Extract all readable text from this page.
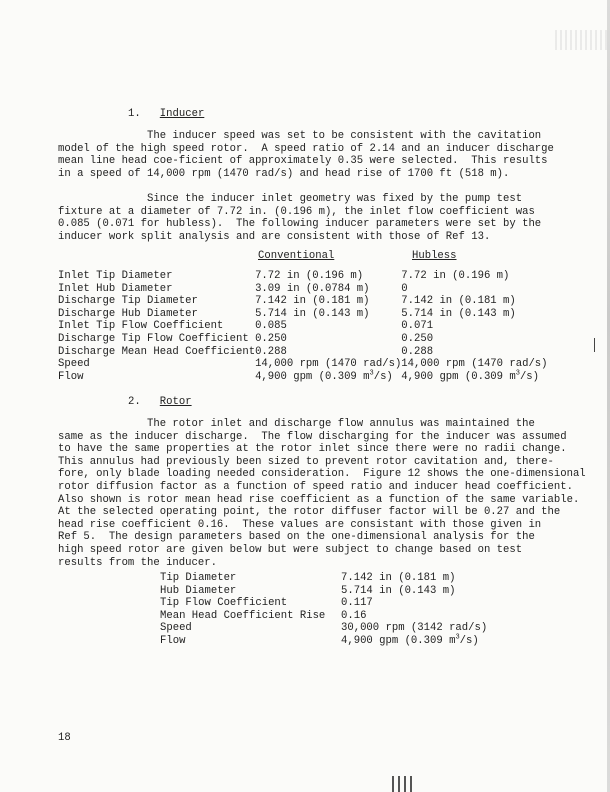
1. Inducer
The inducer speed was set to be consistent with the cavitation
model of the high speed rotor.  A speed ratio of 2.14 and an inducer discharge
mean line head coe-ficient of approximately 0.35 were selected.  This results
in a speed of 14,000 rpm (1470 rad/s) and head rise of 1700 ft (518 m).
Since the inducer inlet geometry was fixed by the pump test
fixture at a diameter of 7.72 in. (0.196 m), the inlet flow coefficient was
0.085 (0.071 for hubless).  The following inducer parameters were set by the
inducer work split analysis and are consistent with those of Ref 13.
Conventional	Hubless
Inlet Tip Diameter	7.72 in (0.196 m)	7.72 in (0.196 m)
Inlet Hub Diameter	3.09 in (0.0784 m)	0
Discharge Tip Diameter	7.142 in (0.181 m)	7.142 in (0.181 m)
Discharge Hub Diameter	5.714 in (0.143 m)	5.714 in (0.143 m)
Inlet Tip Flow Coefficient	0.085	0.071
Discharge Tip Flow Coefficient	0.250	0.250
Discharge Mean Head Coefficient	0.288	0.288
Speed	14,000 rpm (1470 rad/s)	14,000 rpm (1470 rad/s)
Flow	4,900 gpm (0.309 $m^3/s$)	4,900 gpm (0.309 $m^3/s$)
2. Rotor
The rotor inlet and discharge flow annulus was maintained the
same as the inducer discharge.  The flow discharging for the inducer was assumed
to have the same properties at the rotor inlet since there were no radii change.
This annulus had previously been sized to prevent rotor cavitation and, there-
fore, only blade loading needed consideration.  Figure 12 shows the one-dimensional
rotor diffusion factor as a function of speed ratio and inducer head coefficient.
Also shown is rotor mean head rise coefficient as a function of the same variable.
At the selected operating point, the rotor diffuser factor will be 0.27 and the
head rise coefficient 0.16.  These values are consistant with those given in
Ref 5.  The design parameters based on the one-dimensional analysis for the
high speed rotor are given below but were subject to change based on test
results from the inducer.
Tip Diameter	7.142 in (0.181 m)
Hub Diameter	5.714 in (0.143 m)
Tip Flow Coefficient	0.117
Mean Head Coefficient Rise	0.16
Speed	30,000 rpm (3142 rad/s)
Flow	4,900 gpm (0.309 $m^3/s$)
18
